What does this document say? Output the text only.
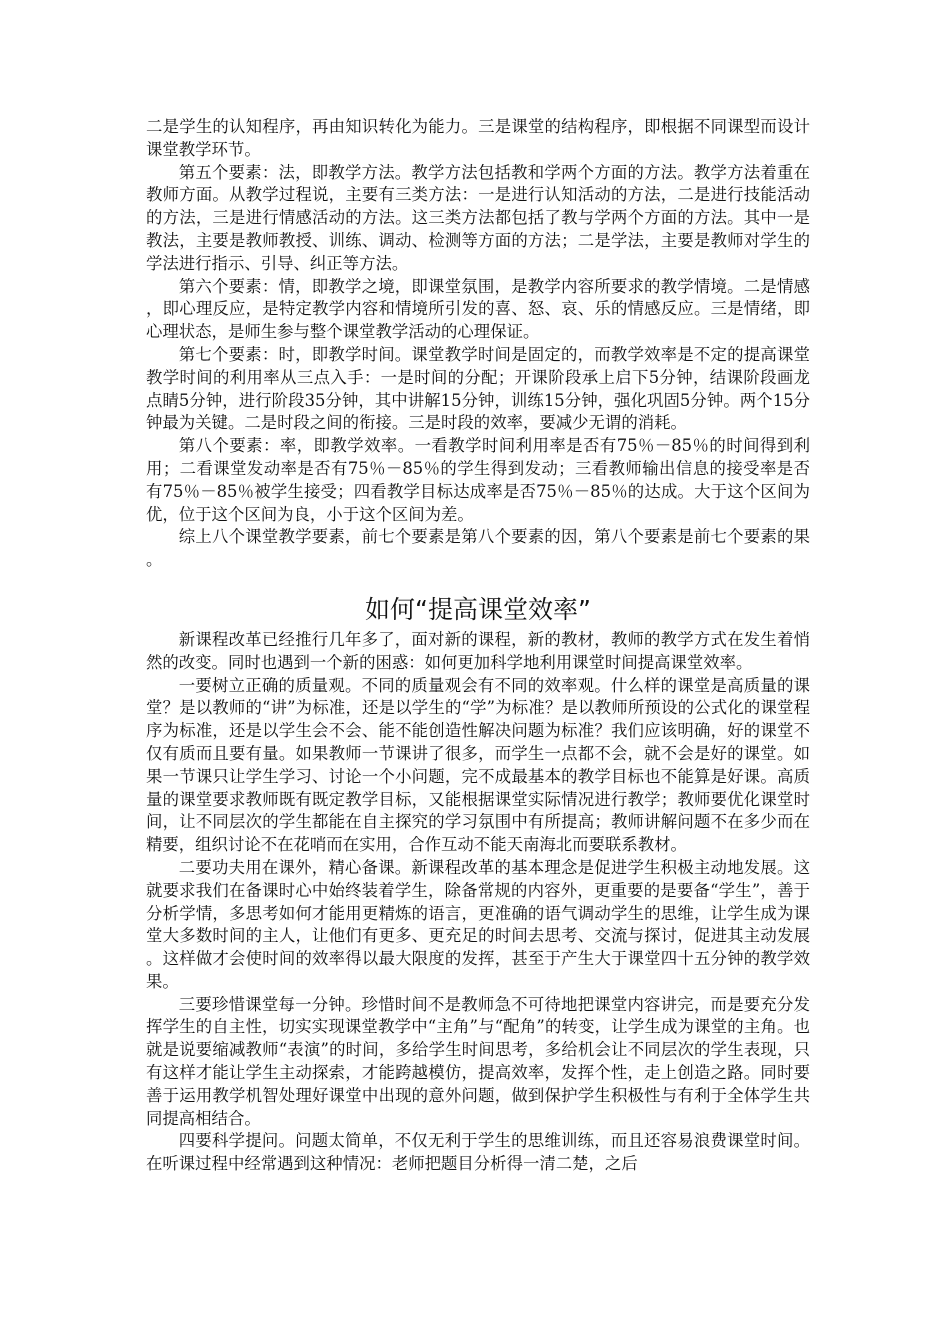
二是学生的认知程序，再由知识转化为能力。三是课堂的结构程序，即根据不同课型而设计课堂教学环节。

第五个要素：法，即教学方法。教学方法包括教和学两个方面的方法。教学方法着重在教师方面。从教学过程说，主要有三类方法：一是进行认知活动的方法，二是进行技能活动的方法，三是进行情感活动的方法。这三类方法都包括了教与学两个方面的方法。其中一是教法，主要是教师教授、训练、调动、检测等方面的方法；二是学法，主要是教师对学生的学法进行指示、引导、纠正等方法。

第六个要素：情，即教学之境，即课堂氛围，是教学内容所要求的教学情境。二是情感，即心理反应，是特定教学内容和情境所引发的喜、怒、哀、乐的情感反应。三是情绪，即心理状态，是师生参与整个课堂教学活动的心理保证。

第七个要素：时，即教学时间。课堂教学时间是固定的，而教学效率是不定的提高课堂教学时间的利用率从三点入手：一是时间的分配；开课阶段承上启下5分钟，结课阶段画龙点睛5分钟，进行阶段35分钟，其中讲解15分钟，训练15分钟，强化巩固5分钟。两个15分钟最为关键。二是时段之间的衔接。三是时段的效率，要减少无谓的消耗。

第八个要素：率，即教学效率。一看教学时间利用率是否有75％－85％的时间得到利用；二看课堂发动率是否有75％－85％的学生得到发动；三看教师输出信息的接受率是否有75％－85％被学生接受；四看教学目标达成率是否75％－85％的达成。大于这个区间为优，位于这个区间为良，小于这个区间为差。

综上八个课堂教学要素，前七个要素是第八个要素的因，第八个要素是前七个要素的果。

如何“提高课堂效率”

新课程改革已经推行几年多了，面对新的课程，新的教材，教师的教学方式在发生着悄然的改变。同时也遇到一个新的困惑：如何更加科学地利用课堂时间提高课堂效率。

一要树立正确的质量观。不同的质量观会有不同的效率观。什么样的课堂是高质量的课堂？是以教师的“讲”为标准，还是以学生的“学”为标准？是以教师所预设的公式化的课堂程序为标准，还是以学生会不会、能不能创造性解决问题为标准？我们应该明确，好的课堂不仅有质而且要有量。如果教师一节课讲了很多，而学生一点都不会，就不会是好的课堂。如果一节课只让学生学习、讨论一个小问题，完不成最基本的教学目标也不能算是好课。高质量的课堂要求教师既有既定教学目标，又能根据课堂实际情况进行教学；教师要优化课堂时间，让不同层次的学生都能在自主探究的学习氛围中有所提高；教师讲解问题不在多少而在精要，组织讨论不在花哨而在实用，合作互动不能天南海北而要联系教材。

二要功夫用在课外，精心备课。新课程改革的基本理念是促进学生积极主动地发展。这就要求我们在备课时心中始终装着学生，除备常规的内容外，更重要的是要备“学生”，善于分析学情，多思考如何才能用更精炼的语言，更准确的语气调动学生的思维，让学生成为课堂大多数时间的主人，让他们有更多、更充足的时间去思考、交流与探讨，促进其主动发展。这样做才会使时间的效率得以最大限度的发挥，甚至于产生大于课堂四十五分钟的教学效果。

三要珍惜课堂每一分钟。珍惜时间不是教师急不可待地把课堂内容讲完，而是要充分发挥学生的自主性，切实实现课堂教学中“主角”与“配角”的转变，让学生成为课堂的主角。也就是说要缩减教师“表演”的时间，多给学生时间思考，多给机会让不同层次的学生表现，只有这样才能让学生主动探索，才能跨越模仿，提高效率，发挥个性，走上创造之路。同时要善于运用教学机智处理好课堂中出现的意外问题，做到保护学生积极性与有利于全体学生共同提高相结合。

四要科学提问。问题太简单，不仅无利于学生的思维训练，而且还容易浪费课堂时间。在听课过程中经常遇到这种情况：老师把题目分析得一清二楚，之后
